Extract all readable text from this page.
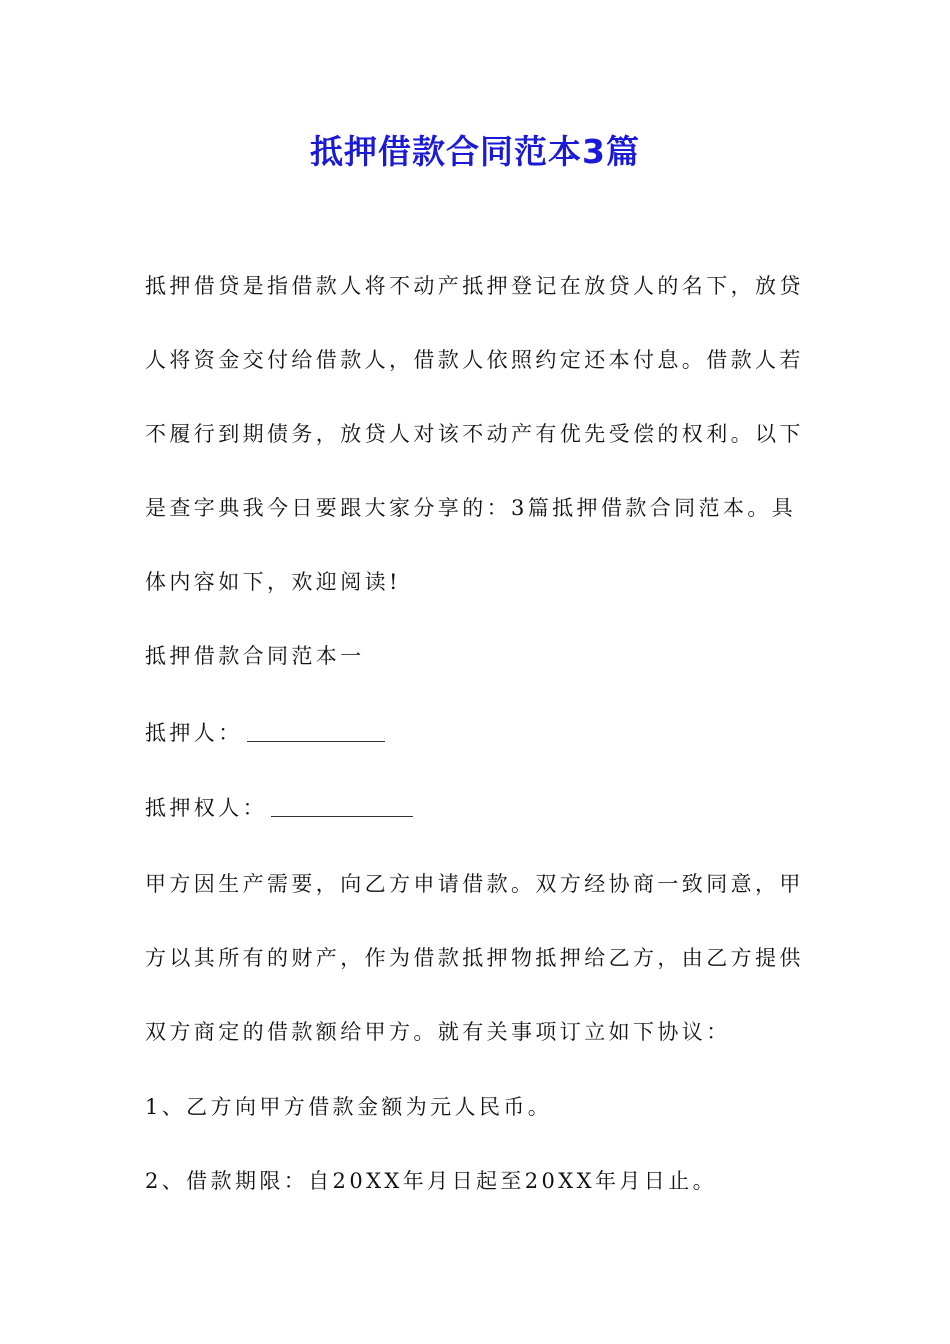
抵押借款合同范本3篇
抵押借贷是指借款人将不动产抵押登记在放贷人的名下，放贷
人将资金交付给借款人，借款人依照约定还本付息。借款人若
不履行到期债务，放贷人对该不动产有优先受偿的权利。以下
是查字典我今日要跟大家分享的：3篇抵押借款合同范本。具
体内容如下，欢迎阅读!
抵押借款合同范本一
抵押人：
抵押权人：
甲方因生产需要，向乙方申请借款。双方经协商一致同意，甲
方以其所有的财产，作为借款抵押物抵押给乙方，由乙方提供
双方商定的借款额给甲方。就有关事项订立如下协议：
1、乙方向甲方借款金额为元人民币。
2、借款期限：自20XX年月日起至20XX年月日止。
